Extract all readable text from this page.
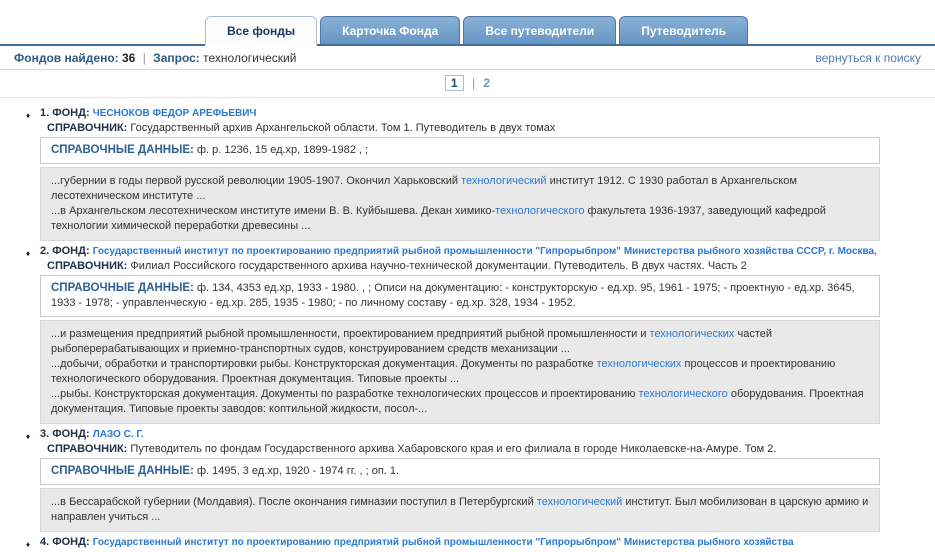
Все фонды	Карточка Фонда	Все путеводители	Путеводитель
Фондов найдено: 36 | Запрос: технологический	вернуться к поиску
1 | 2
♦ 1. ФОНД: ЧЕСНОКОВ ФЕДОР АРЕФЬЕВИЧ
СПРАВОЧНИК: Государственный архив Архангельской области. Том 1. Путеводитель в двух томах
СПРАВОЧНЫЕ ДАННЫЕ: ф. р. 1236, 15 ед.хр, 1899-1982 , ;

...губернии в годы первой русской революции 1905-1907. Окончил Харьковский технологический институт 1912. С 1930 работал в Архангельском лесотехническом институте ...

...в Архангельском лесотехническом институте имени В. В. Куйбышева. Декан химико-технологического факультета 1936-1937, заведующий кафедрой технологии химической переработки древесины ...

♦ 2. ФОНД: Государственный институт по проектированию предприятий рыбной промышленности "Гипрорыбпром" Министерства рыбного хозяйства СССР, г. Москва,
СПРАВОЧНИК: Филиал Российского государственного архива научно-технической документации. Путеводитель. В двух частях. Часть 2
СПРАВОЧНЫЕ ДАННЫЕ: ф. 134, 4353 ед.хр, 1933 - 1980. , ; Описи на документацию: - конструкторскую - ед.хр. 95, 1961 - 1975; - проектную - ед.хр. 3645, 1933 - 1978; - управленческую - ед.хр. 285, 1935 - 1980; - по личному составу - ед.хр. 328, 1934 - 1952.

...и размещения предприятий рыбной промышленности, проектированием предприятий рыбной промышленности и технологических частей рыбоперерабатывающих и приемно-транспортных судов, конструированием средств механизации ...

...добычи, обработки и транспортировки рыбы. Конструкторская документация. Документы по разработке технологических процессов и проектированию технологического оборудования. Проектная документация. Типовые проекты ...

...рыбы. Конструкторская документация. Документы по разработке технологических процессов и проектированию технологического оборудования. Проектная документация. Типовые проекты заводов: коптильной жидкости, посол-...

♦ 3. ФОНД: ЛАЗО С. Г.
СПРАВОЧНИК: Путеводитель по фондам Государственного архива Хабаровского края и его филиала в городе Николаевске-на-Амуре. Том 2.
СПРАВОЧНЫЕ ДАННЫЕ: ф. 1495, 3 ед.хр, 1920 - 1974 гг. , ; оп. 1.

...в Бессарабской губернии (Молдавия). После окончания гимназии поступил в Петербургский технологический институт. Был мобилизован в царскую армию и направлен учиться ...

♦ 4. ФОНД: Государственный институт по проектированию предприятий рыбной промышленности "Гипрорыбпром" Министерства рыбного хозяйства
